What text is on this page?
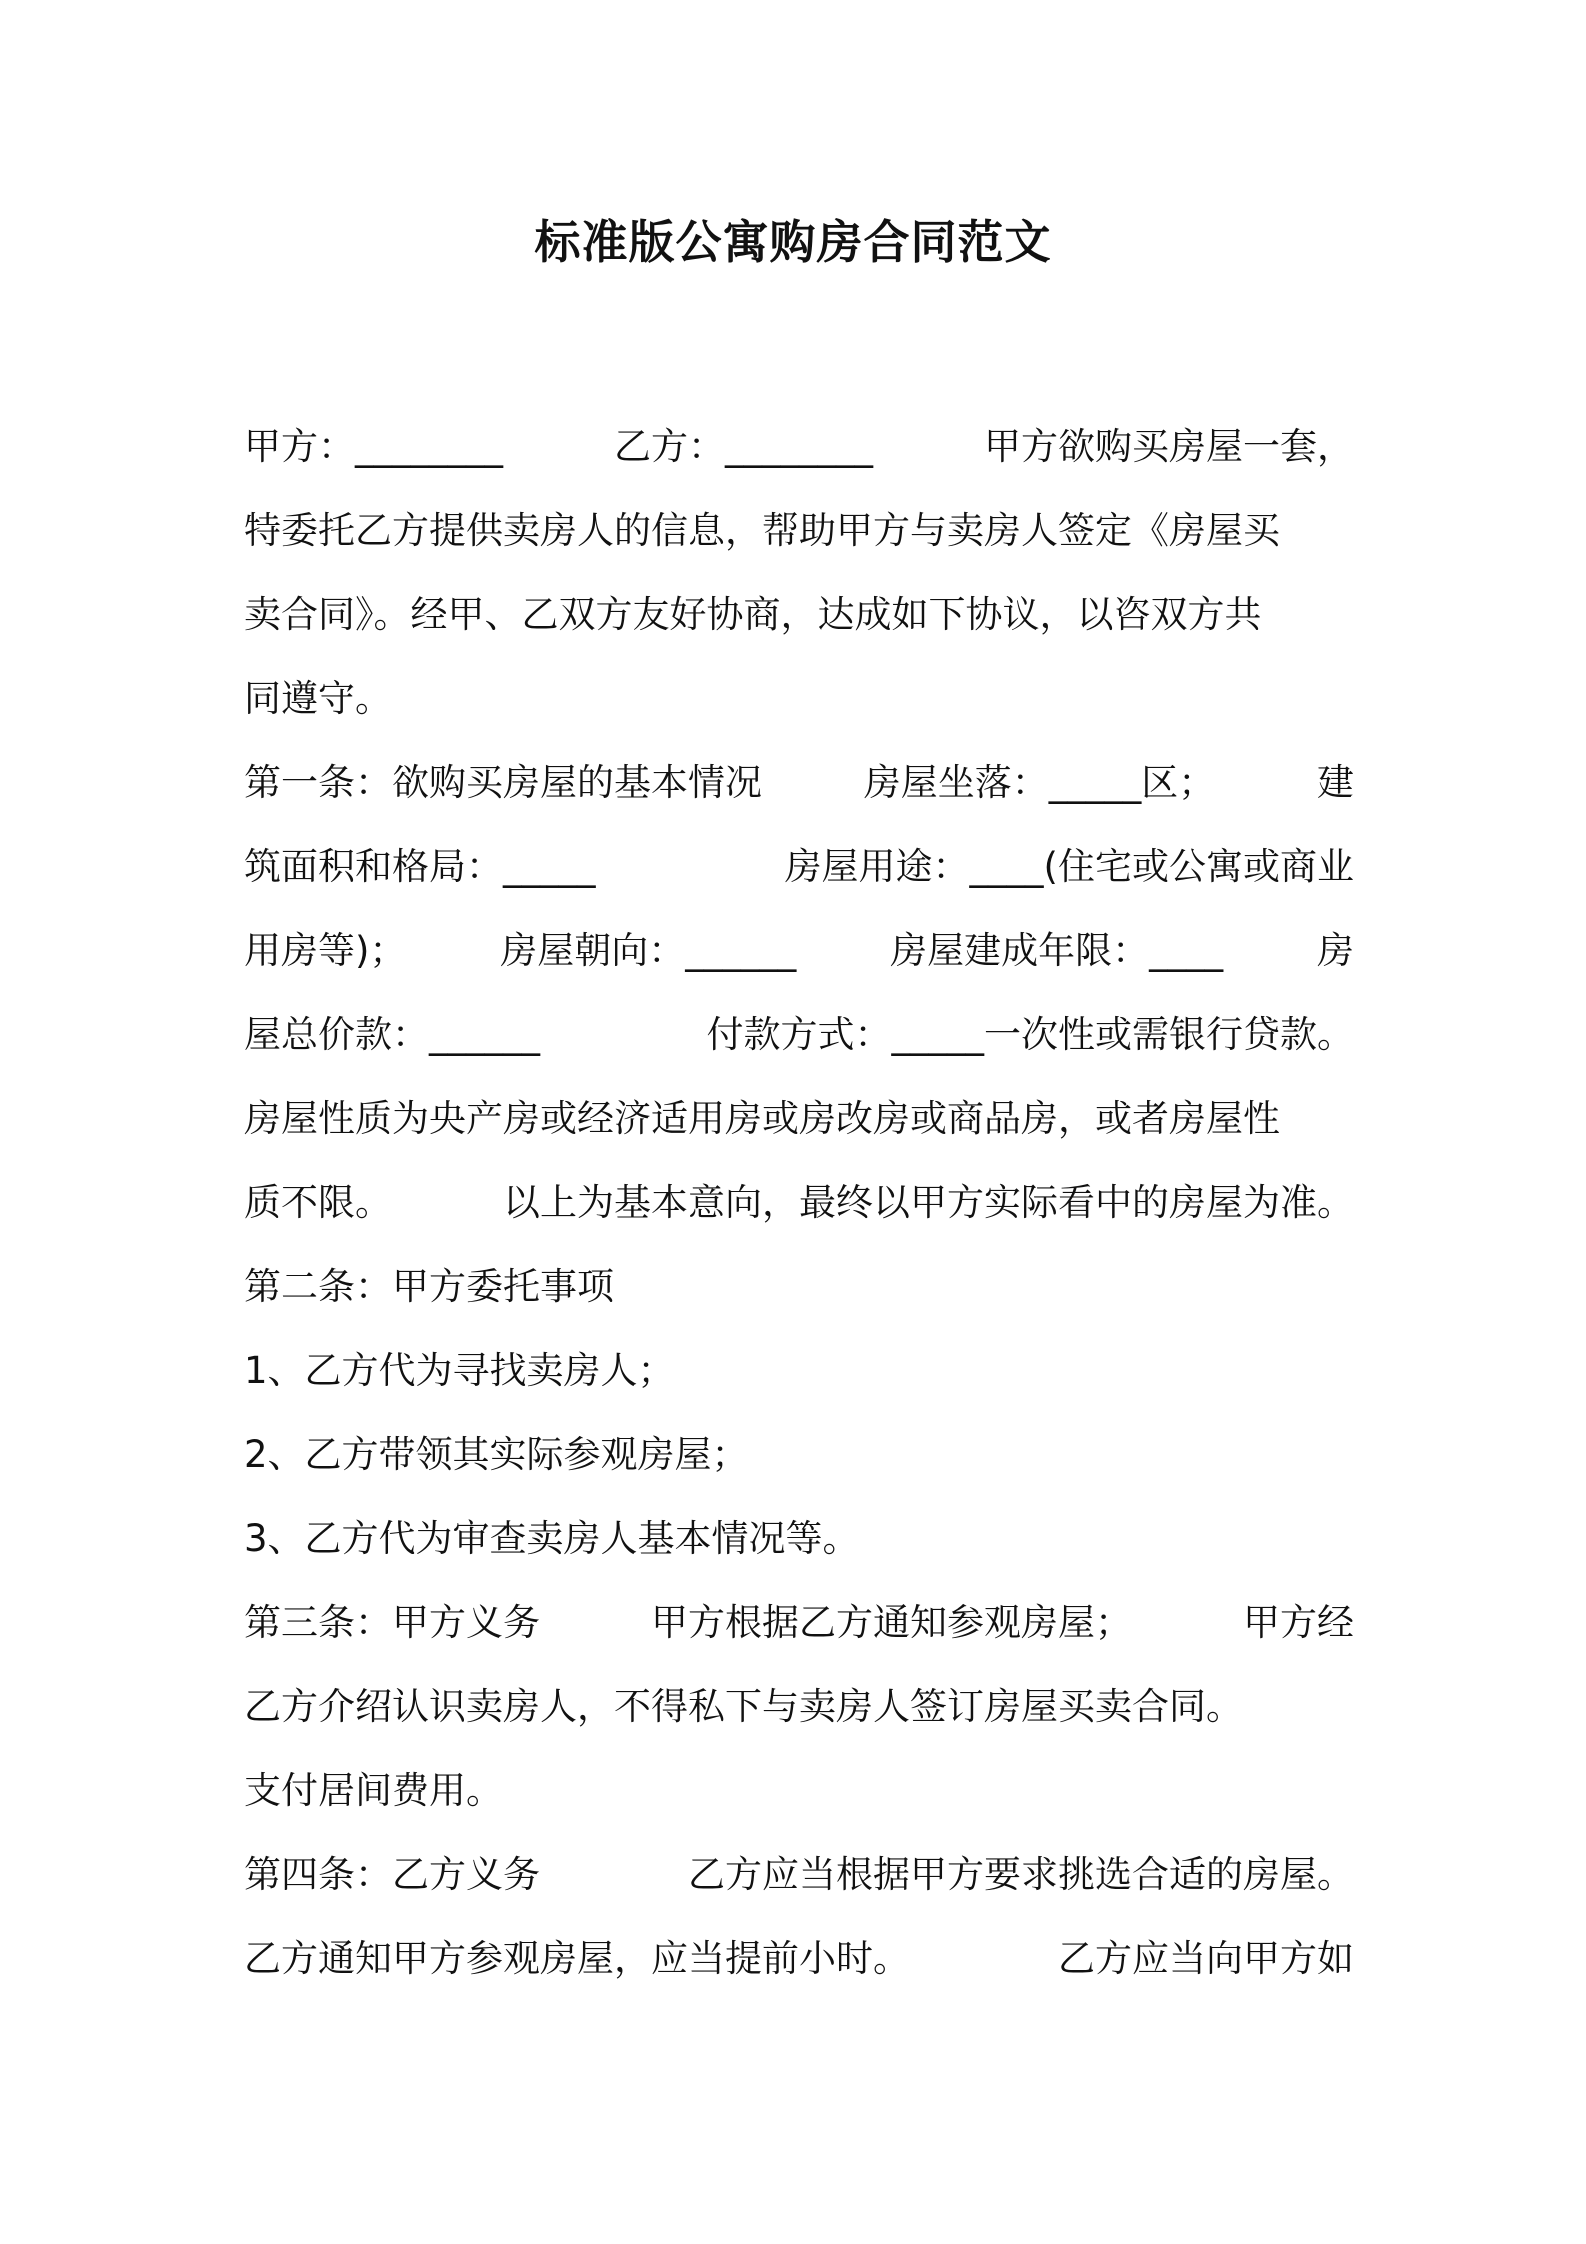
标准版公寓购房合同范文
甲方：________	乙方：________	甲方欲购买房屋一套，
特委托乙方提供卖房人的信息，帮助甲方与卖房人签定《房屋买
卖合同》。经甲、乙双方友好协商，达成如下协议，以咨双方共
同遵守。
第一条：欲购买房屋的基本情况	房屋坐落：_____区；	建
筑面积和格局：_____	房屋用途：____(住宅或公寓或商业
用房等)；	房屋朝向：______	房屋建成年限：____	房
屋总价款：______	付款方式：_____一次性或需银行贷款。
房屋性质为央产房或经济适用房或房改房或商品房，或者房屋性
质不限。	以上为基本意向，最终以甲方实际看中的房屋为准。
第二条：甲方委托事项
1、乙方代为寻找卖房人；
2、乙方带领其实际参观房屋；
3、乙方代为审查卖房人基本情况等。
第三条：甲方义务	甲方根据乙方通知参观房屋；	甲方经
乙方介绍认识卖房人，不得私下与卖房人签订房屋买卖合同。
支付居间费用。
第四条：乙方义务	乙方应当根据甲方要求挑选合适的房屋。
乙方通知甲方参观房屋，应当提前小时。	乙方应当向甲方如
